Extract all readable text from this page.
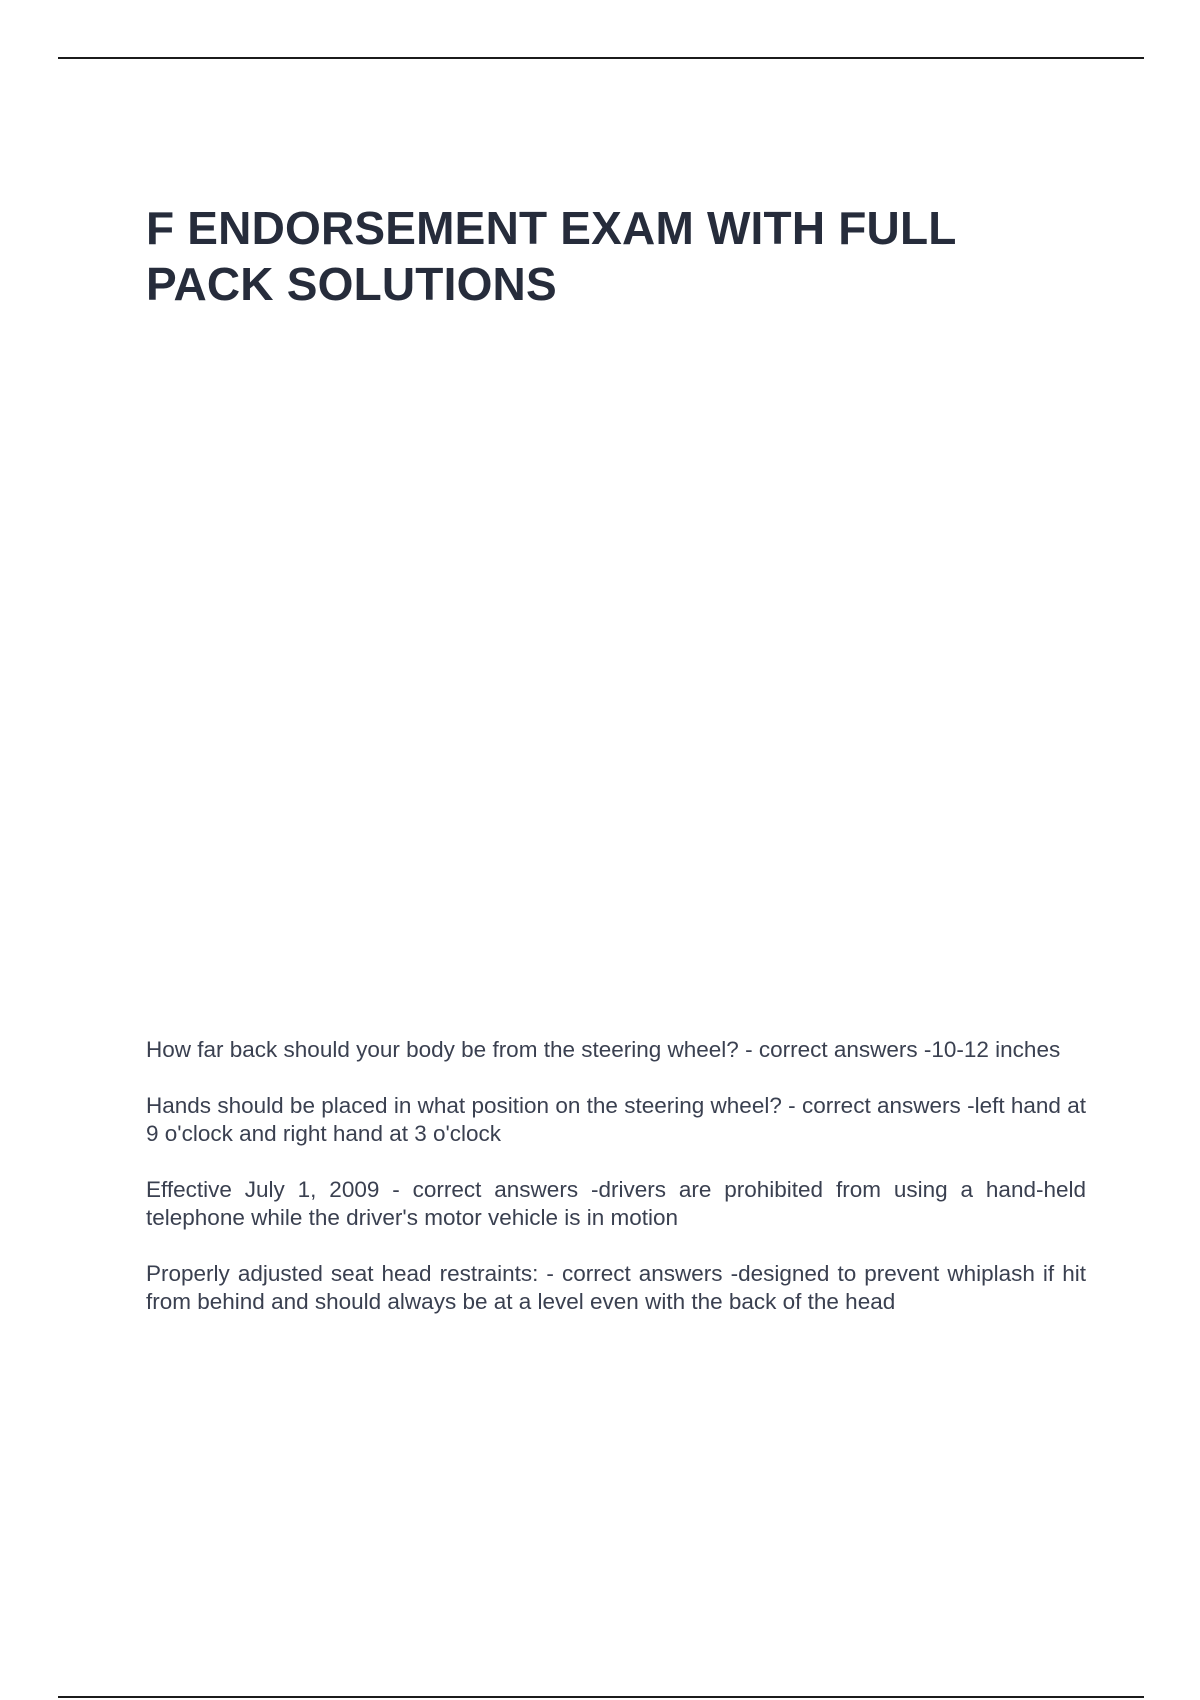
F ENDORSEMENT EXAM WITH FULL PACK SOLUTIONS

How far back should your body be from the steering wheel? - correct answers -10-12 inches

Hands should be placed in what position on the steering wheel? - correct answers -left hand at 9 o'clock and right hand at 3 o'clock

Effective July 1, 2009 - correct answers -drivers are prohibited from using a hand-held telephone while the driver's motor vehicle is in motion

Properly adjusted seat head restraints: - correct answers -designed to prevent whiplash if hit from behind and should always be at a level even with the back of the head
